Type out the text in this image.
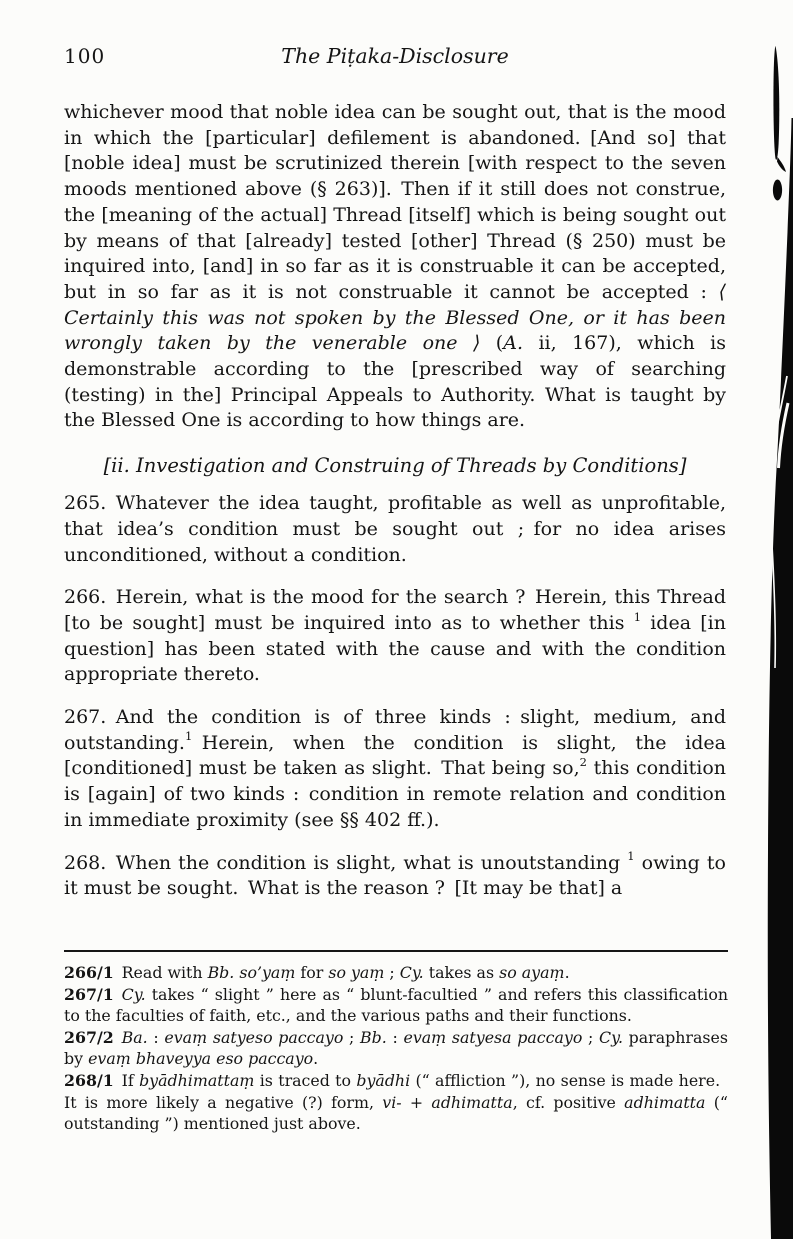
100	The Piṭaka-Disclosure

whichever mood that noble idea can be sought out, that is the mood in which the [particular] defilement is abandoned. [And so] that [noble idea] must be scrutinized therein [with respect to the seven moods mentioned above (§ 263)]. Then if it still does not construe, the [meaning of the actual] Thread [itself] which is being sought out by means of that [already] tested [other] Thread (§ 250) must be inquired into, [and] in so far as it is construable it can be accepted, but in so far as it is not construable it cannot be accepted : ⟨ Certainly this was not spoken by the Blessed One, or it has been wrongly taken by the venerable one ⟩ (A. ii, 167), which is demonstrable according to the [prescribed way of searching (testing) in the] Principal Appeals to Authority. What is taught by the Blessed One is according to how things are.

[ii. Investigation and Construing of Threads by Conditions]

265. Whatever the idea taught, profitable as well as unprofitable, that idea’s condition must be sought out ; for no idea arises unconditioned, without a condition.

266. Herein, what is the mood for the search ? Herein, this Thread [to be sought] must be inquired into as to whether this $^1$ idea [in question] has been stated with the cause and with the condition appropriate thereto.

267. And the condition is of three kinds : slight, medium, and outstanding.$^1$ Herein, when the condition is slight, the idea [conditioned] must be taken as slight. That being so,$^2$ this condition is [again] of two kinds : condition in remote relation and condition in immediate proximity (see §§ 402 ff.).

268. When the condition is slight, what is unoutstanding $^1$ owing to it must be sought. What is the reason ? [It may be that] a

266/1  Read with Bb. so’yaṃ for so yaṃ ; Cy. takes as so ayaṃ.

267/1  Cy. takes “ slight ” here as “ blunt-facultied ” and refers this classification to the faculties of faith, etc., and the various paths and their functions.

267/2  Ba. : evaṃ satyeso paccayo ; Bb. : evaṃ satyesa paccayo ; Cy. paraphrases by evaṃ bhaveyya eso paccayo.

268/1  If byādhimattaṃ is traced to byādhi (“ affliction ”), no sense is made here. It is more likely a negative (?) form, vi- + adhimatta, cf. positive adhimatta (“ outstanding ”) mentioned just above.
